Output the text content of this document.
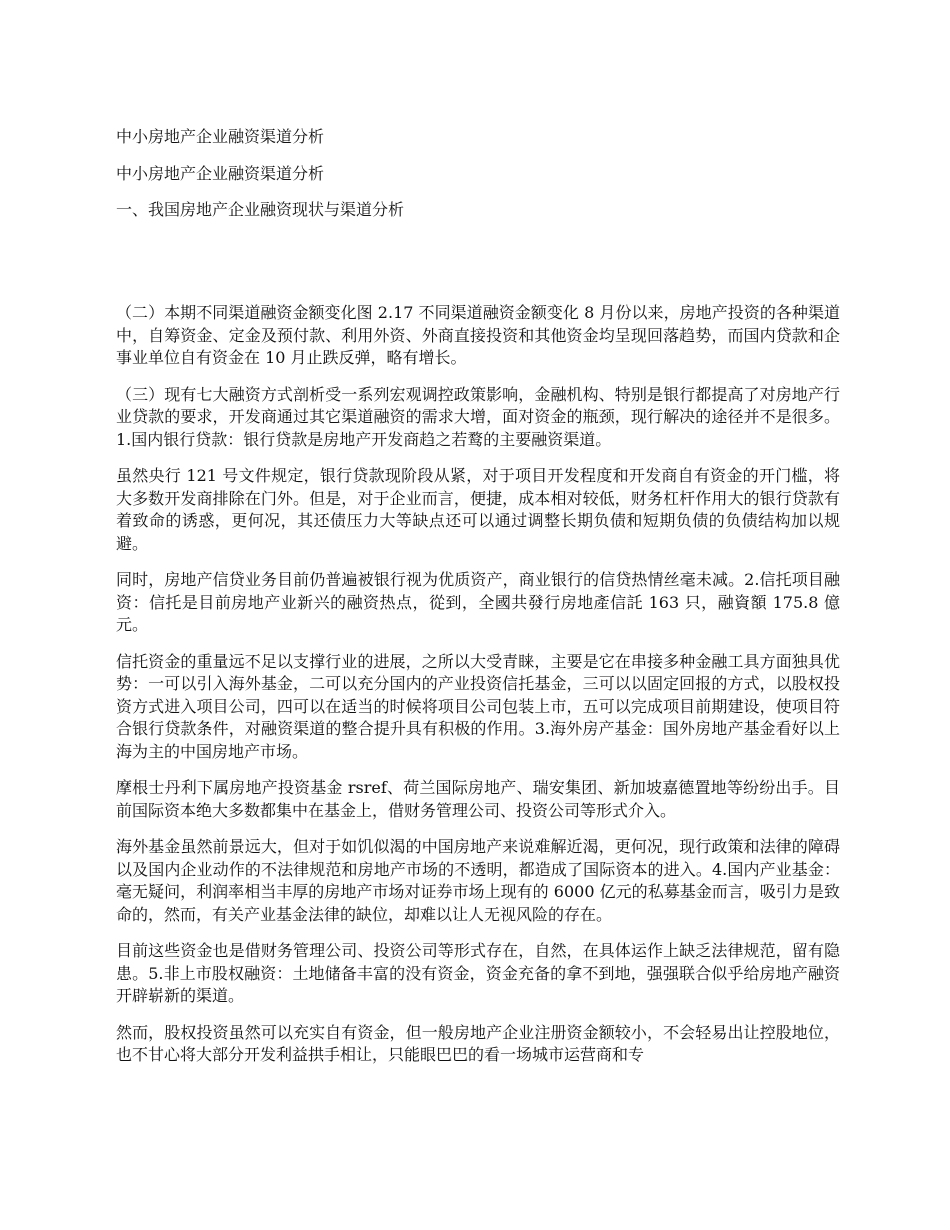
中小房地产企业融资渠道分析
中小房地产企业融资渠道分析
一、我国房地产企业融资现状与渠道分析

（二）本期不同渠道融资金额变化图 2.17 不同渠道融资金额变化 8 月份以来，房地产投资的各种渠道中，自筹资金、定金及预付款、利用外资、外商直接投资和其他资金均呈现回落趋势，而国内贷款和企事业单位自有资金在 10 月止跌反弹，略有增长。

（三）现有七大融资方式剖析受一系列宏观调控政策影响，金融机构、特别是银行都提高了对房地产行业贷款的要求，开发商通过其它渠道融资的需求大增，面对资金的瓶颈，现行解决的途径并不是很多。1.国内银行贷款：银行贷款是房地产开发商趋之若鹜的主要融资渠道。

虽然央行 121 号文件规定，银行贷款现阶段从紧，对于项目开发程度和开发商自有资金的开门槛，将大多数开发商排除在门外。但是，对于企业而言，便捷，成本相对较低，财务杠杆作用大的银行贷款有着致命的诱惑，更何况，其还债压力大等缺点还可以通过调整长期负债和短期负债的负债结构加以规避。

同时，房地产信贷业务目前仍普遍被银行视为优质资产，商业银行的信贷热情丝毫未减。2.信托项目融资：信托是目前房地产业新兴的融资热点，從到，全國共發行房地產信託 163 只，融資額 175.8 億元。

信托资金的重量远不足以支撑行业的进展，之所以大受青睐，主要是它在串接多种金融工具方面独具优势：一可以引入海外基金，二可以充分国内的产业投资信托基金，三可以以固定回报的方式，以股权投资方式进入项目公司，四可以在适当的时候将项目公司包装上市，五可以完成项目前期建设，使项目符合银行贷款条件，对融资渠道的整合提升具有积极的作用。3.海外房产基金：国外房地产基金看好以上海为主的中国房地产市场。

摩根士丹利下属房地产投资基金 rsref、荷兰国际房地产、瑞安集团、新加坡嘉德置地等纷纷出手。目前国际资本绝大多数都集中在基金上，借财务管理公司、投资公司等形式介入。

海外基金虽然前景远大，但对于如饥似渴的中国房地产来说难解近渴，更何况，现行政策和法律的障碍以及国内企业动作的不法律规范和房地产市场的不透明，都造成了国际资本的进入。4.国内产业基金：毫无疑问，利润率相当丰厚的房地产市场对证券市场上现有的 6000 亿元的私募基金而言，吸引力是致命的，然而，有关产业基金法律的缺位，却难以让人无视风险的存在。

目前这些资金也是借财务管理公司、投资公司等形式存在，自然，在具体运作上缺乏法律规范，留有隐患。5.非上市股权融资：土地储备丰富的没有资金，资金充备的拿不到地，强强联合似乎给房地产融资开辟崭新的渠道。

然而，股权投资虽然可以充实自有资金，但一般房地产企业注册资金额较小，不会轻易出让控股地位，也不甘心将大部分开发利益拱手相让，只能眼巴巴的看一场城市运营商和专
